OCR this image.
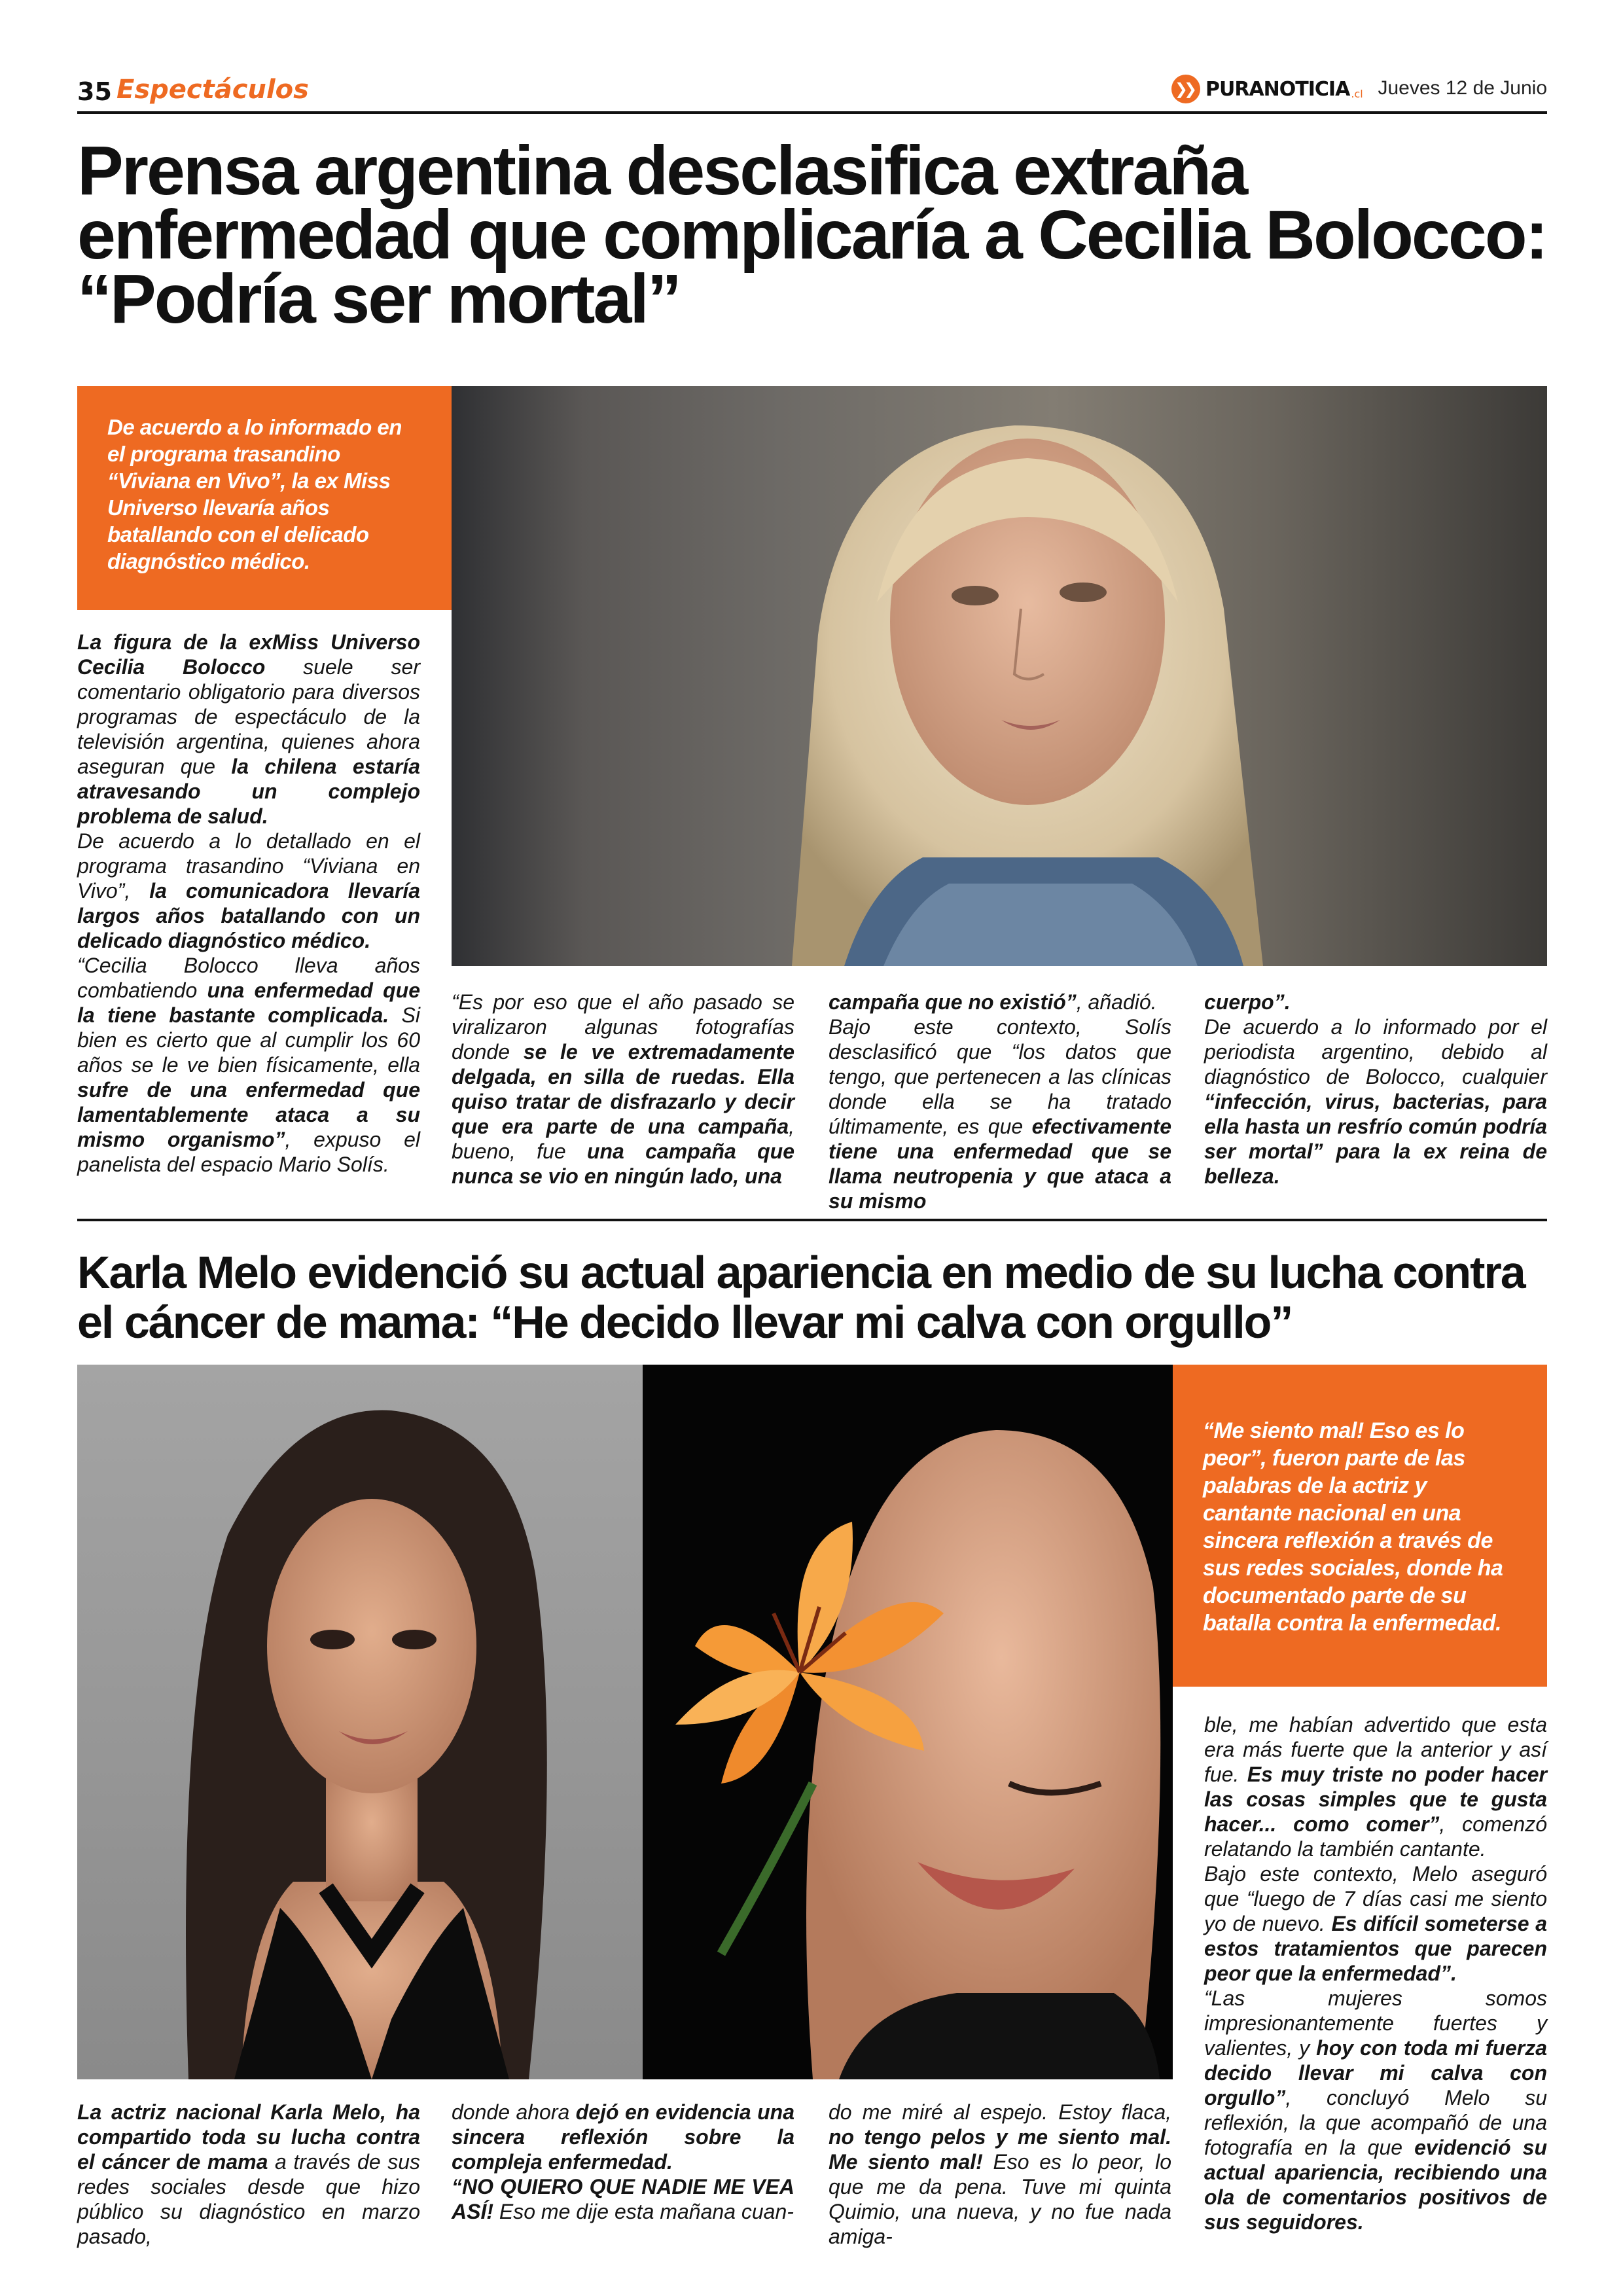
35 Espectáculos	❯❯ PURANOTICIA .cl Jueves 12 de Junio
Prensa argentina desclasifica extraña enfermedad que complicaría a Cecilia Bolocco: “Podría ser mortal”
De acuerdo a lo informado en el programa trasandino “Viviana en Vivo”, la ex Miss Universo llevaría años batallando con el delicado diagnóstico médico.

La figura de la exMiss Universo Cecilia Bolocco suele ser comentario obligatorio para diversos programas de espectáculo de la televisión argentina, quienes ahora aseguran que la chilena estaría atravesando un complejo problema de salud.
De acuerdo a lo detallado en el programa trasandino “Viviana en Vivo”, la comunicadora llevaría largos años batallando con un delicado diagnóstico médico.
“Cecilia Bolocco lleva años combatiendo una enfermedad que la tiene bastante complicada. Si bien es cierto que al cumplir los 60 años se le ve bien físicamente, ella sufre de una enfermedad que lamentablemente ataca a su mismo organismo”, expuso el panelista del espacio Mario Solís.

“Es por eso que el año pasado se viralizaron algunas fotografías donde se le ve extremadamente delgada, en silla de ruedas. Ella quiso tratar de disfrazarlo y decir que era parte de una campaña, bueno, fue una campaña que nunca se vio en ningún lado, una

campaña que no existió”, añadió.
Bajo este contexto, Solís desclasificó que “los datos que tengo, que pertenecen a las clínicas donde ella se ha tratado últimamente, es que efectivamente tiene una enfermedad que se llama neutropenia y que ataca a su mismo

cuerpo”.
De acuerdo a lo informado por el periodista argentino, debido al diagnóstico de Bolocco, cualquier “infección, virus, bacterias, para ella hasta un resfrío común podría ser mortal” para la ex reina de belleza.

Karla Melo evidenció su actual apariencia en medio de su lucha contra el cáncer de mama: “He decido llevar mi calva con orgullo”
“Me siento mal! Eso es lo peor”, fueron parte de las palabras de la actriz y cantante nacional en una sincera reflexión a través de sus redes sociales, donde ha documentado parte de su batalla contra la enfermedad.

ble, me habían advertido que esta era más fuerte que la anterior y así fue. Es muy triste no poder hacer las cosas simples que te gusta hacer... como comer”, comenzó relatando la también cantante.
Bajo este contexto, Melo aseguró que “luego de 7 días casi me siento yo de nuevo. Es difícil someterse a estos tratamientos que parecen peor que la enfermedad”.
“Las mujeres somos impresionantemente fuertes y valientes, y hoy con toda mi fuerza decido llevar mi calva con orgullo”, concluyó Melo su reflexión, la que acompañó de una fotografía en la que evidenció su actual apariencia, recibiendo una ola de comentarios positivos de sus seguidores.

La actriz nacional Karla Melo, ha compartido toda su lucha contra el cáncer de mama a través de sus redes sociales desde que hizo público su diagnóstico en marzo pasado,

donde ahora dejó en evidencia una sincera reflexión sobre la compleja enfermedad.
“NO QUIERO QUE NADIE ME VEA ASÍ! Eso me dije esta mañana cuan-

do me miré al espejo. Estoy flaca, no tengo pelos y me siento mal. Me siento mal! Eso es lo peor, lo que me da pena. Tuve mi quinta Quimio, una nueva, y no fue nada amiga-
